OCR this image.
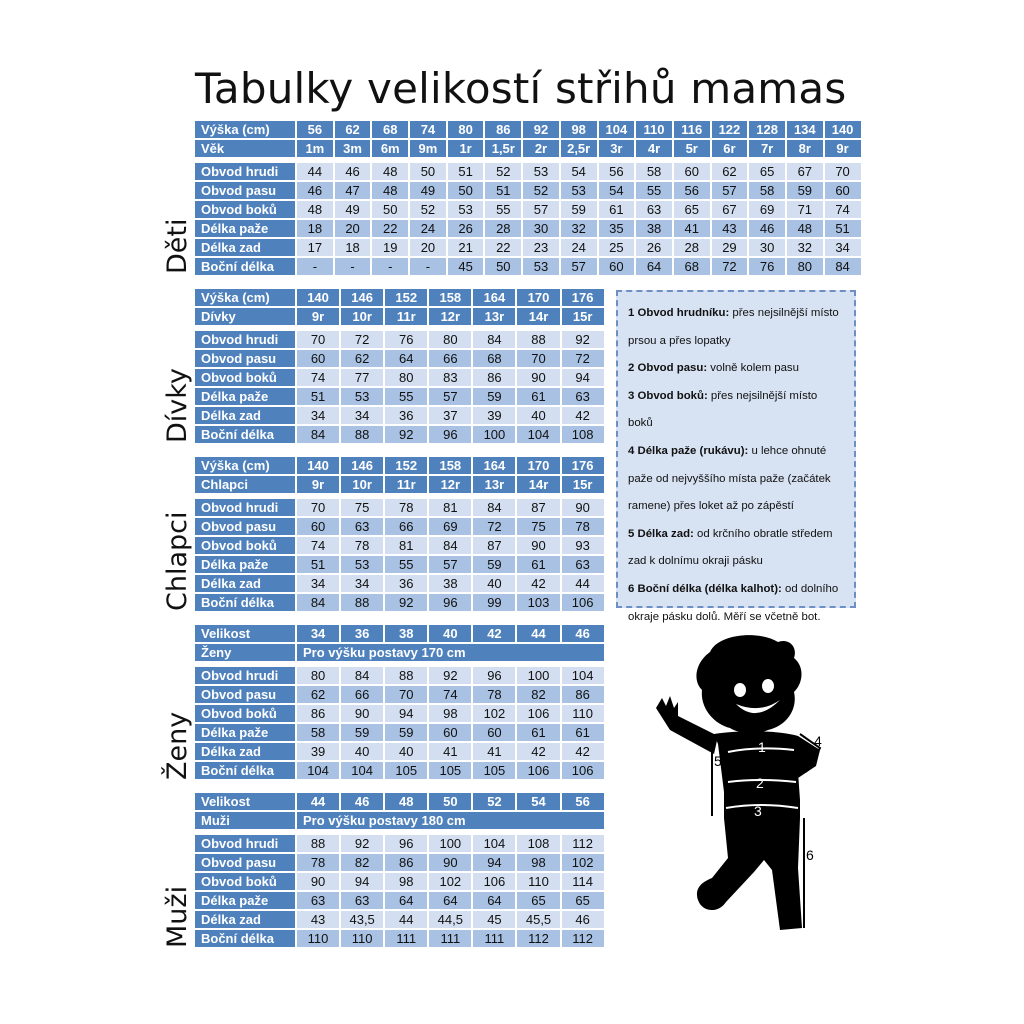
Tabulky velikostí střihů mamas
Děti
Výška (cm)	56	62	68	74	80	86	92	98	104	110	116	122	128	134	140
Věk	1m	3m	6m	9m	1r	1,5r	2r	2,5r	3r	4r	5r	6r	7r	8r	9r

Obvod hrudi	44	46	48	50	51	52	53	54	56	58	60	62	65	67	70
Obvod pasu	46	47	48	49	50	51	52	53	54	55	56	57	58	59	60
Obvod boků	48	49	50	52	53	55	57	59	61	63	65	67	69	71	74
Délka paže	18	20	22	24	26	28	30	32	35	38	41	43	46	48	51
Délka zad	17	18	19	20	21	22	23	24	25	26	28	29	30	32	34
Boční délka	-	-	-	-	45	50	53	57	60	64	68	72	76	80	84
Dívky
Výška (cm)	140	146	152	158	164	170	176
Dívky	9r	10r	11r	12r	13r	14r	15r

Obvod hrudi	70	72	76	80	84	88	92
Obvod pasu	60	62	64	66	68	70	72
Obvod boků	74	77	80	83	86	90	94
Délka paže	51	53	55	57	59	61	63
Délka zad	34	34	36	37	39	40	42
Boční délka	84	88	92	96	100	104	108
Chlapci
Výška (cm)	140	146	152	158	164	170	176
Chlapci	9r	10r	11r	12r	13r	14r	15r

Obvod hrudi	70	75	78	81	84	87	90
Obvod pasu	60	63	66	69	72	75	78
Obvod boků	74	78	81	84	87	90	93
Délka paže	51	53	55	57	59	61	63
Délka zad	34	34	36	38	40	42	44
Boční délka	84	88	92	96	99	103	106
Ženy
Velikost	34	36	38	40	42	44	46
Ženy	Pro výšku postavy 170 cm						

Obvod hrudi	80	84	88	92	96	100	104
Obvod pasu	62	66	70	74	78	82	86
Obvod boků	86	90	94	98	102	106	110
Délka paže	58	59	59	60	60	61	61
Délka zad	39	40	40	41	41	42	42
Boční délka	104	104	105	105	105	106	106
Muži
Velikost	44	46	48	50	52	54	56
Muži	Pro výšku postavy 180 cm						

Obvod hrudi	88	92	96	100	104	108	112
Obvod pasu	78	82	86	90	94	98	102
Obvod boků	90	94	98	102	106	110	114
Délka paže	63	63	64	64	64	65	65
Délka zad	43	43,5	44	44,5	45	45,5	46
Boční délka	110	110	111	111	111	112	112
1 Obvod hrudníku: přes nejsilnější místo prsou a přes lopatky
2 Obvod pasu: volně kolem pasu
3 Obvod boků: přes nejsilnější místo boků
4 Délka paže (rukávu): u lehce ohnuté paže od nejvyššího místa paže (začátek ramene) přes loket až po zápěstí
5 Délka zad: od krčního obratle středem zad k dolnímu okraji pásku
6 Boční délka (délka kalhot): od dolního okraje pásku dolů. Měří se včetně bot.
1
2
3
4
5
6
